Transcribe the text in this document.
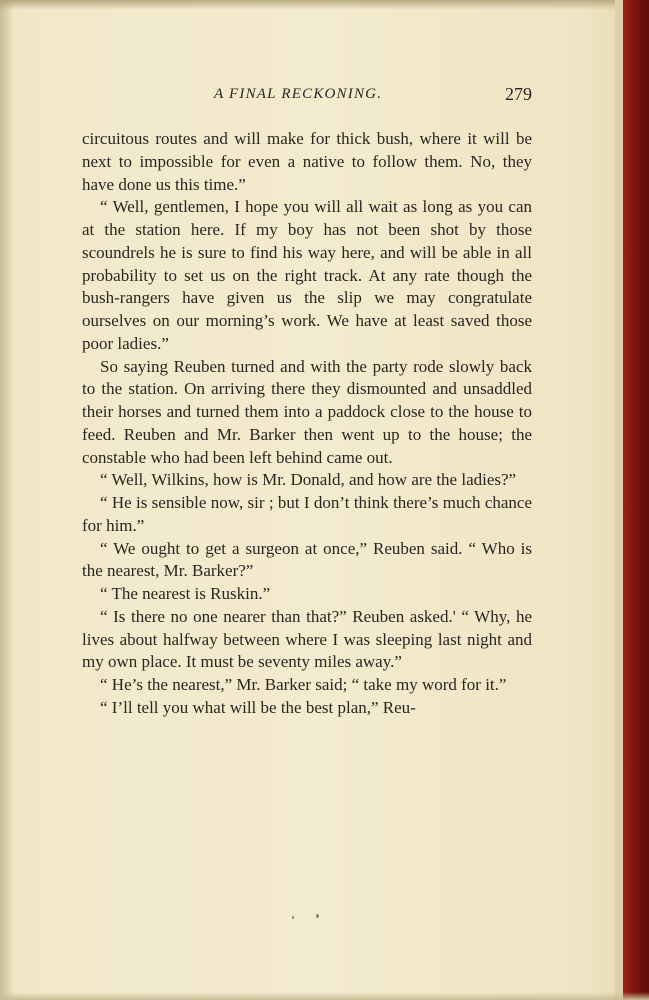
A FINAL RECKONING.	279

circuitous routes and will make for thick bush, where it will be next to impossible for even a native to follow them. No, they have done us this time.”

“ Well, gentlemen, I hope you will all wait as long as you can at the station here. If my boy has not been shot by those scoundrels he is sure to find his way here, and will be able in all probability to set us on the right track. At any rate though the bush-rangers have given us the slip we may congratulate ourselves on our morning’s work. We have at least saved those poor ladies.”

So saying Reuben turned and with the party rode slowly back to the station. On arriving there they dismounted and unsaddled their horses and turned them into a paddock close to the house to feed. Reuben and Mr. Barker then went up to the house; the constable who had been left behind came out.

“ Well, Wilkins, how is Mr. Donald, and how are the ladies?”

“ He is sensible now, sir ; but I don’t think there’s much chance for him.”

“ We ought to get a surgeon at once,” Reuben said. “ Who is the nearest, Mr. Barker?”

“ The nearest is Ruskin.”

“ Is there no one nearer than that?” Reuben asked.' “ Why, he lives about halfway between where I was sleeping last night and my own place. It must be seventy miles away.”

“ He’s the nearest,” Mr. Barker said; “ take my word for it.”

“ I’ll tell you what will be the best plan,” Reu-
